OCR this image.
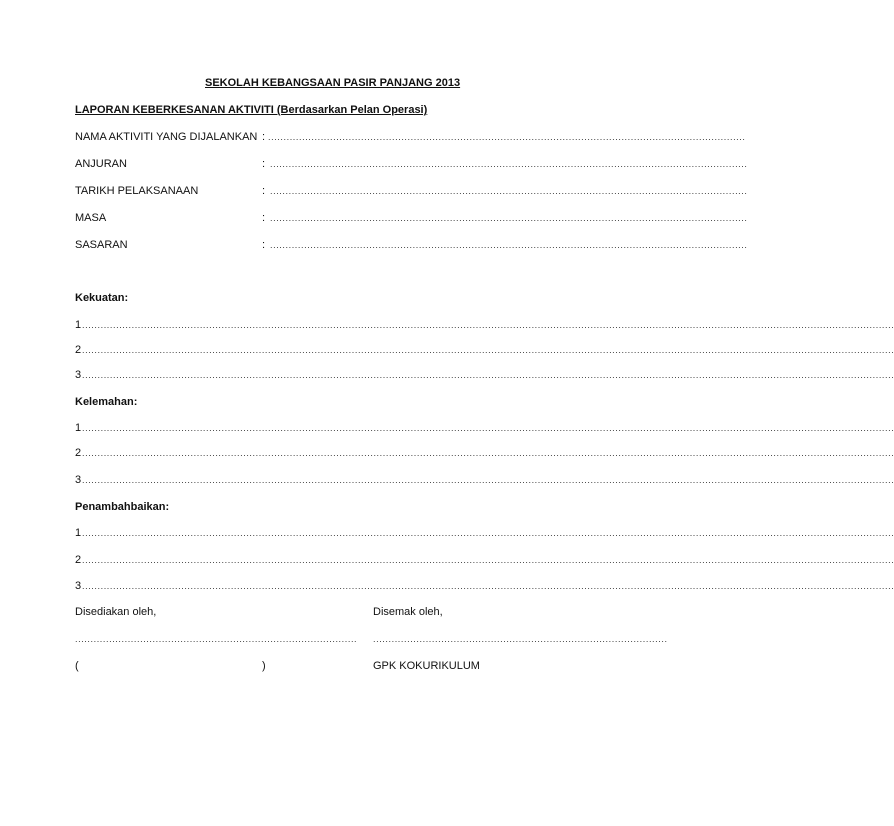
SEKOLAH KEBANGSAAN PASIR PANJANG 2013
LAPORAN KEBERKESANAN AKTIVITI (Berdasarkan Pelan Operasi)
NAMA AKTIVITI YANG DIJALANKAN : ..........................................................................................................................................................
ANJURAN	: ..........................................................................................................................................................
TARIKH PELAKSANAAN	: ..........................................................................................................................................................
MASA	: ..........................................................................................................................................................
SASARAN	: ..........................................................................................................................................................
Kekuatan:
1 ......................................................................................................................................................................................................................................................................
2 ......................................................................................................................................................................................................................................................................
3 ......................................................................................................................................................................................................................................................................
Kelemahan:
1 ......................................................................................................................................................................................................................................................................
2 ......................................................................................................................................................................................................................................................................
3 ......................................................................................................................................................................................................................................................................
Penambahbaikan:
1 ......................................................................................................................................................................................................................................................................
2 ......................................................................................................................................................................................................................................................................
3 ......................................................................................................................................................................................................................................................................
Disediakan oleh,	Disemak oleh,
........................................................................................... ...............................................................................................
(	)	GPK KOKURIKULUM
